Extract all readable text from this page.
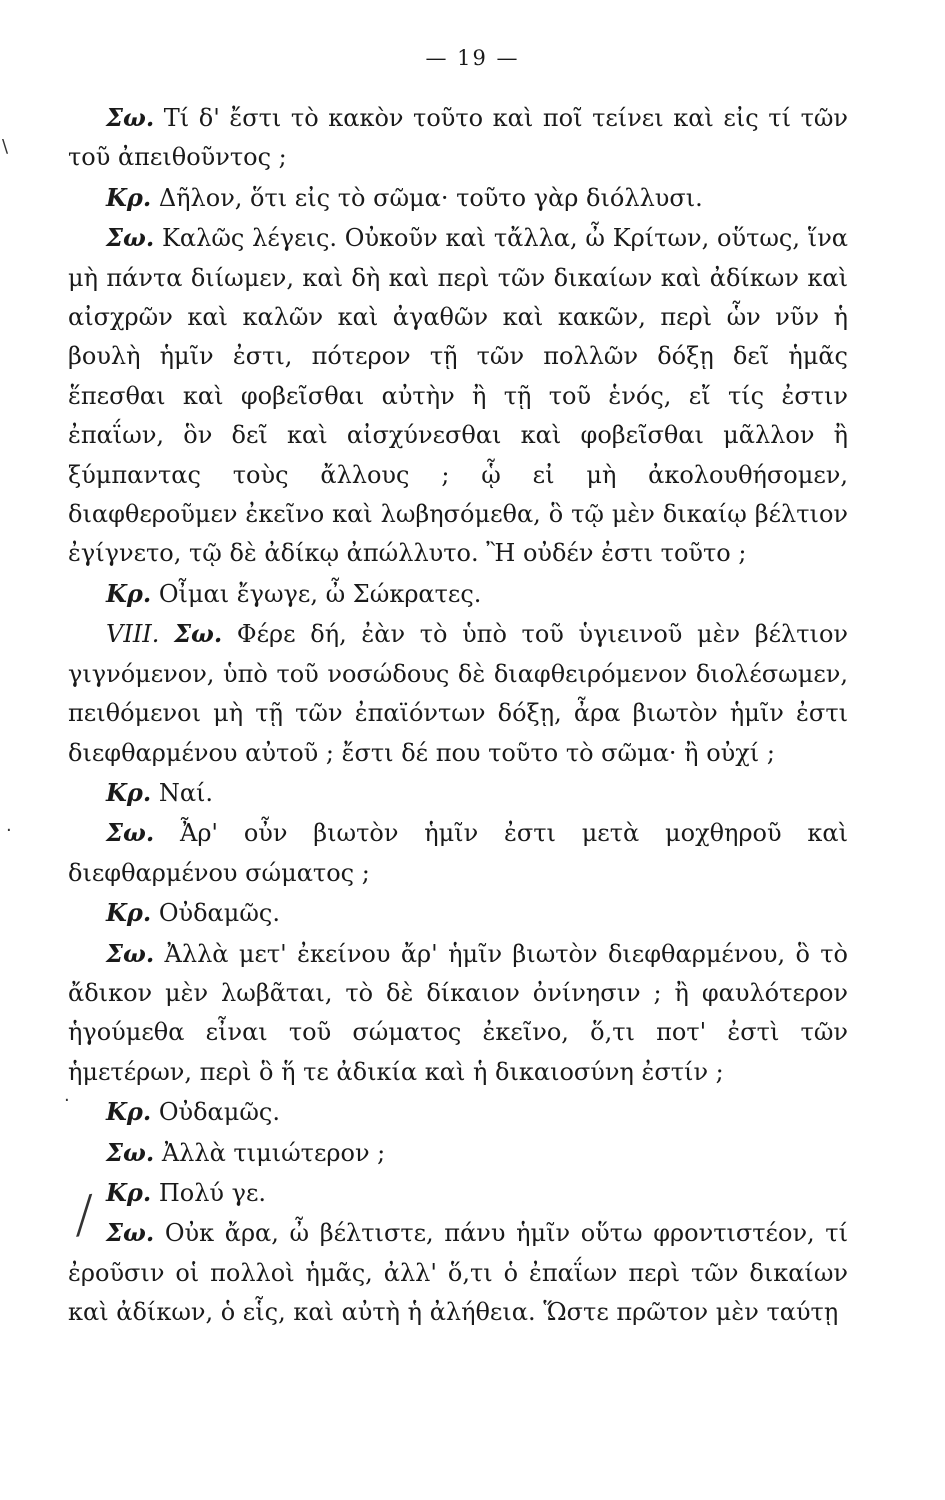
— 19 —
\
·
·
╱

Σω. Τί δ' ἔστι τὸ κακὸν τοῦτο καὶ ποῖ τείνει καὶ εἰς τί τῶν τοῦ ἀπειθοῦντος ;

Κρ. Δῆλον, ὅτι εἰς τὸ σῶμα· τοῦτο γὰρ διόλλυσι.

Σω. Καλῶς λέγεις. Οὐκοῦν καὶ τἄλλα, ὦ Κρίτων, οὕτως, ἵνα μὴ πάντα διίωμεν, καὶ δὴ καὶ περὶ τῶν δικαίων καὶ ἀδίκων καὶ αἰσχρῶν καὶ καλῶν καὶ ἀγαθῶν καὶ κακῶν, περὶ ὧν νῦν ἡ βουλὴ ἡμῖν ἐστι, πότερον τῇ τῶν πολλῶν δόξῃ δεῖ ἡμᾶς ἕπεσθαι καὶ φοβεῖσθαι αὐτὴν ἢ τῇ τοῦ ἑνός, εἴ τίς ἐστιν ἐπαΐων, ὃν δεῖ καὶ αἰσχύνεσθαι καὶ φοβεῖσθαι μᾶλλον ἢ ξύμπαντας τοὺς ἄλλους ; ᾧ εἰ μὴ ἀκολουθήσομεν, διαφθεροῦμεν ἐκεῖνο καὶ λωβησόμεθα, ὃ τῷ μὲν δικαίῳ βέλτιον ἐγίγνετο, τῷ δὲ ἀδίκῳ ἀπώλλυτο. Ἢ οὐδέν ἐστι τοῦτο ;

Κρ. Οἶμαι ἔγωγε, ὦ Σώκρατες.

VIII. Σω. Φέρε δή, ἐὰν τὸ ὑπὸ τοῦ ὑγιεινοῦ μὲν βέλτιον γιγνόμενον, ὑπὸ τοῦ νοσώδους δὲ διαφθειρόμενον διολέσωμεν, πειθόμενοι μὴ τῇ τῶν ἐπαϊόντων δόξῃ, ἆρα βιωτὸν ἡμῖν ἐστι διεφθαρμένου αὐτοῦ ; ἔστι δέ που τοῦτο τὸ σῶμα· ἢ οὐχί ;

Κρ. Ναί.

Σω. Ἆρ' οὖν βιωτὸν ἡμῖν ἐστι μετὰ μοχθηροῦ καὶ διεφθαρμένου σώματος ;

Κρ. Οὐδαμῶς.

Σω. Ἀλλὰ μετ' ἐκείνου ἄρ' ἡμῖν βιωτὸν διεφθαρμένου, ὃ τὸ ἄδικον μὲν λωβᾶται, τὸ δὲ δίκαιον ὀνίνησιν ; ἢ φαυλότερον ἡγούμεθα εἶναι τοῦ σώματος ἐκεῖνο, ὅ,τι ποτ' ἐστὶ τῶν ἡμετέρων, περὶ ὃ ἥ τε ἀδικία καὶ ἡ δικαιοσύνη ἐστίν ;

Κρ. Οὐδαμῶς.

Σω. Ἀλλὰ τιμιώτερον ;

Κρ. Πολύ γε.

Σω. Οὐκ ἄρα, ὦ βέλτιστε, πάνυ ἡμῖν οὕτω φροντιστέον, τί ἐροῦσιν οἱ πολλοὶ ἡμᾶς, ἀλλ' ὅ,τι ὁ ἐπαΐων περὶ τῶν δικαίων καὶ ἀδίκων, ὁ εἷς, καὶ αὐτὴ ἡ ἀλήθεια. Ὥστε πρῶτον μὲν ταύτῃ
